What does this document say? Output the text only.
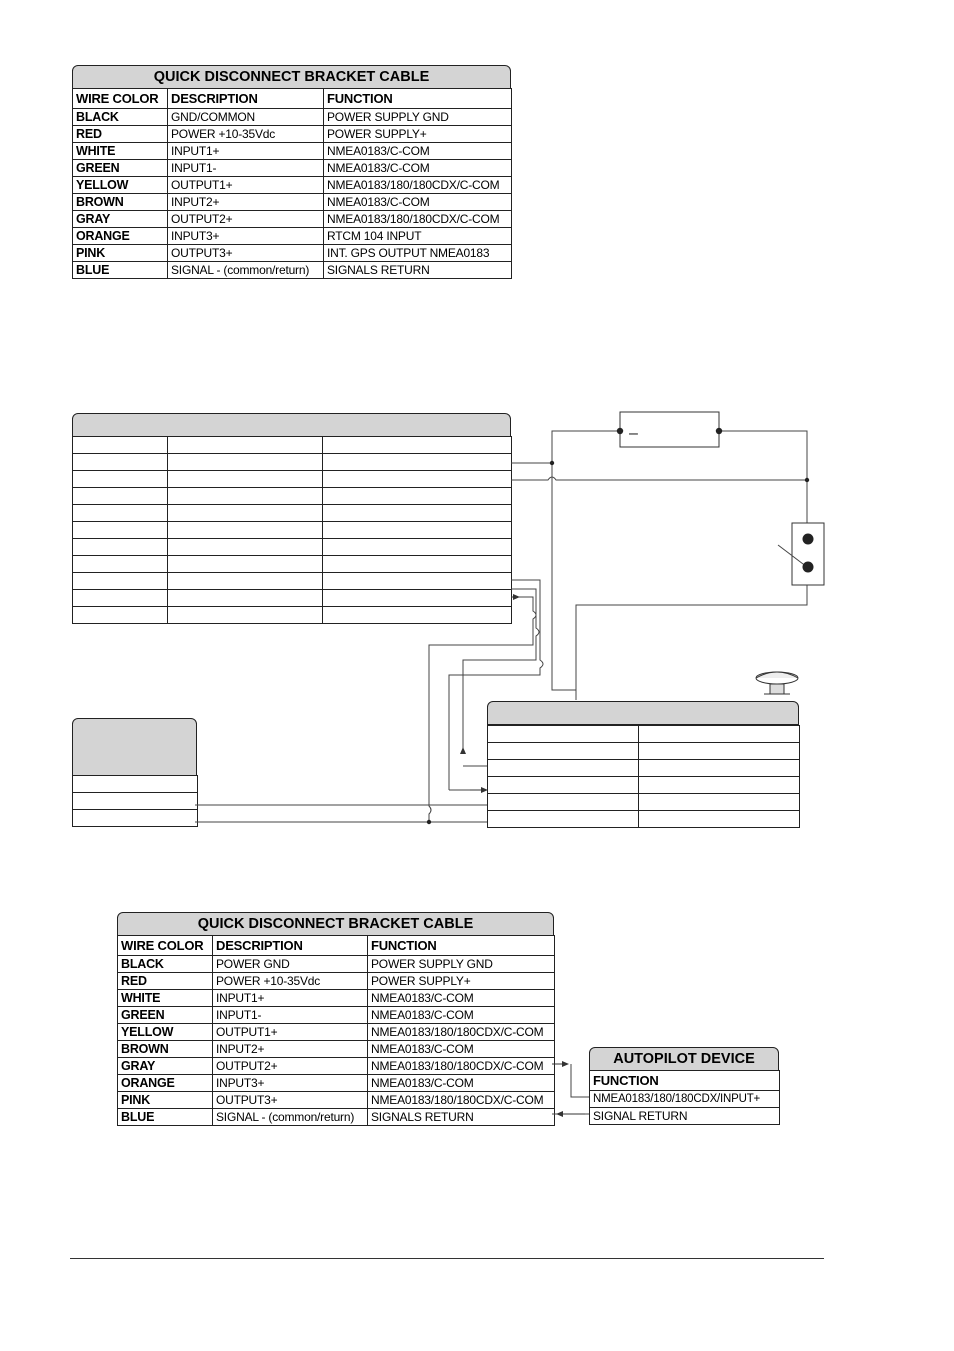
QUICK DISCONNECT BRACKET CABLE
WIRE COLOR	DESCRIPTION	FUNCTION
BLACK	GND/COMMON	POWER SUPPLY GND
RED	POWER +10-35Vdc	POWER SUPPLY+
WHITE	INPUT1+	NMEA0183/C-COM
GREEN	INPUT1-	NMEA0183/C-COM
YELLOW	OUTPUT1+	NMEA0183/180/180CDX/C-COM
BROWN	INPUT2+	NMEA0183/C-COM
GRAY	OUTPUT2+	NMEA0183/180/180CDX/C-COM
ORANGE	INPUT3+	RTCM 104 INPUT
PINK	OUTPUT3+	INT. GPS OUTPUT NMEA0183
BLUE	SIGNAL - (common/return)	SIGNALS RETURN

QUICK DISCONNECT BRACKET CABLE
WIRE COLOR	DESCRIPTION	FUNCTION
BLACK	POWER GND	POWER SUPPLY GND
RED	POWER +10-35Vdc	POWER SUPPLY+
WHITE	INPUT1+	NMEA0183/C-COM
GREEN	INPUT1-	NMEA0183/C-COM
YELLOW	OUTPUT1+	NMEA0183/180/180CDX/C-COM
BROWN	INPUT2+	NMEA0183/C-COM
GRAY	OUTPUT2+	NMEA0183/180/180CDX/C-COM
ORANGE	INPUT3+	NMEA0183/C-COM
PINK	OUTPUT3+	NMEA0183/180/180CDX/C-COM
BLUE	SIGNAL - (common/return)	SIGNALS RETURN
AUTOPILOT DEVICE
FUNCTION
NMEA0183/180/180CDX/INPUT+
SIGNAL RETURN
–
